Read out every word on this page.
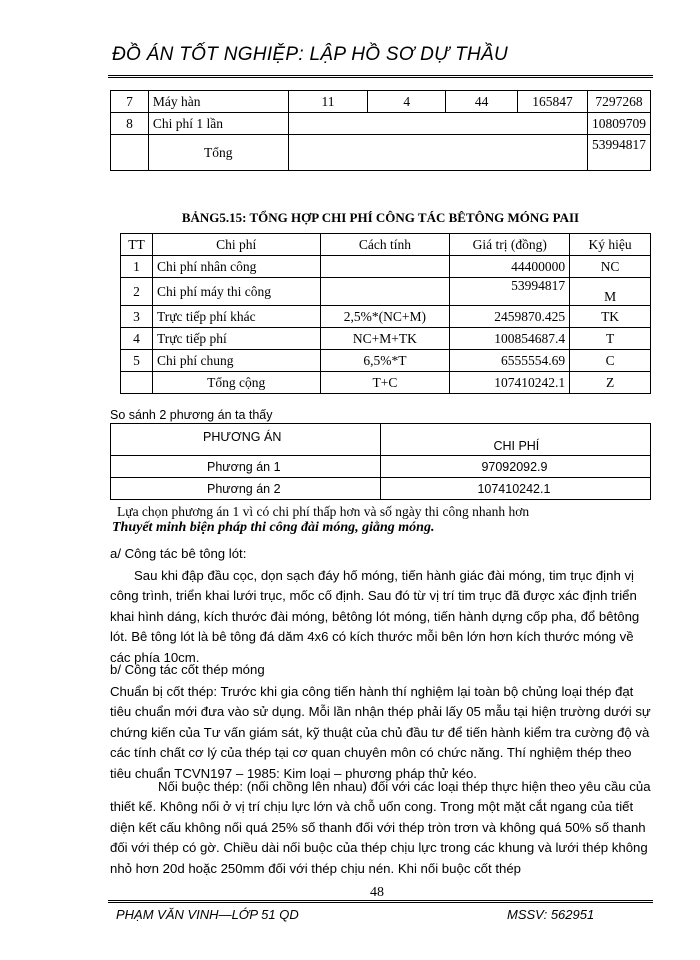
ĐỒ ÁN TỐT NGHIỆP: LẬP HỒ SƠ DỰ THẦU
7	Máy hàn	11	4	44	165847	7297268
8	Chi phí 1 lần					10809709
	Tổng					53994817
BẢNG5.15: TỔNG HỢP CHI PHÍ CÔNG TÁC BÊTÔNG MÓNG PAII
TT	Chi phí	Cách tính	Giá trị (đồng)	Ký hiệu
1	Chi phí nhân công		44400000	NC
2	Chi phí máy thi công		53994817	M
3	Trực tiếp phí khác	2,5%*(NC+M)	2459870.425	TK
4	Trực tiếp phí	NC+M+TK	100854687.4	T
5	Chi phí chung	6,5%*T	6555554.69	C
	Tổng cộng	T+C	107410242.1	Z
So sánh 2 phương án ta thấy
PHƯƠNG ÁN	CHI PHÍ
Phương án 1	97092092.9
Phương án 2	107410242.1
Lựa chọn phương án 1 vì có chi phí thấp hơn và số ngày thi công nhanh hơn
Thuyết minh biện pháp thi công đài móng, giằng móng.
a/ Công tác bê tông lót:
Sau khi đập đầu cọc, dọn sạch đáy hố móng, tiến hành giác đài móng, tim trục định vị công trình, triển khai lưới trục, mốc cố định. Sau đó từ vị trí tim trục đã được xác định triển khai hình dáng, kích thước đài móng, bêtông lót móng, tiến hành dựng cốp pha, đổ bêtông lót. Bê tông lót là bê tông đá dăm 4x6 có kích thước mỗi bên lớn hơn kích thước móng về các phía 10cm.
b/ Công tác cốt thép móng
Chuẩn bị cốt thép: Trước khi gia công tiến hành thí nghiệm lại toàn bộ chủng loại thép đạt tiêu chuẩn mới đưa vào sử dụng. Mỗi lần nhận thép phải lấy 05 mẫu tại hiện trường dưới sự chứng kiến của Tư vấn giám sát, kỹ thuật của chủ đầu tư để tiến hành kiểm tra cường độ và các tính chất cơ lý của thép tại cơ quan chuyên môn có chức năng. Thí nghiệm thép theo tiêu chuẩn TCVN197 – 1985: Kim loại – phương pháp thử kéo.
Nối buộc thép: (nối chồng lên nhau) đối với các loại thép thực hiện theo yêu cầu của thiết kế. Không nối ở vị trí chịu lực lớn và chỗ uốn cong. Trong một mặt cắt ngang của tiết diện kết cấu không nối quá 25% số thanh đối với thép tròn trơn và không quá 50% số thanh đối với thép có gờ. Chiều dài nối buộc của thép chịu lực trong các khung và lưới thép không nhỏ hơn 20d hoặc 250mm đối với thép chịu nén. Khi nối buộc cốt thép
48
PHẠM VĂN VINH—LỚP 51 QD	MSSV: 562951
